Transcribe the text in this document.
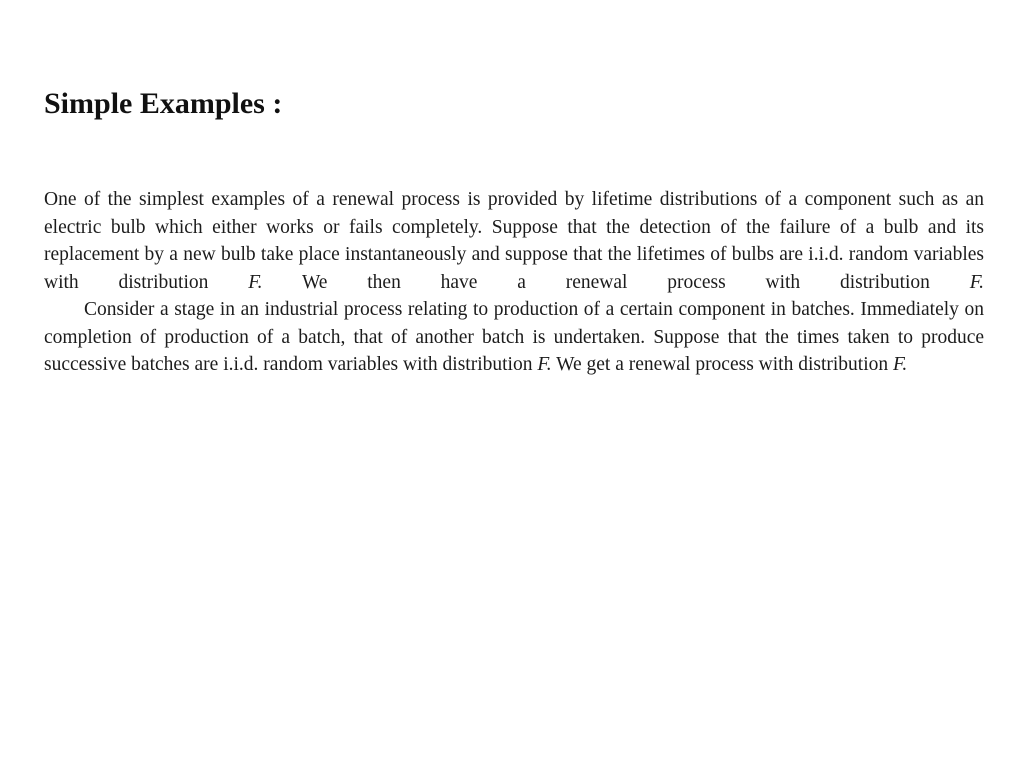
Simple Examples :

One of the simplest examples of a renewal process is provided by lifetime distributions of a component such as an electric bulb which either works or fails completely. Suppose that the detection of the failure of a bulb and its replacement by a new bulb take place instantaneously and suppose that the lifetimes of bulbs are i.i.d. random variables with distribution F. We then have a renewal process with distribution F.

Consider a stage in an industrial process relating to production of a certain component in batches. Immediately on completion of production of a batch, that of another batch is undertaken. Suppose that the times taken to produce successive batches are i.i.d. random variables with distribution F. We get a renewal process with distribution F.
